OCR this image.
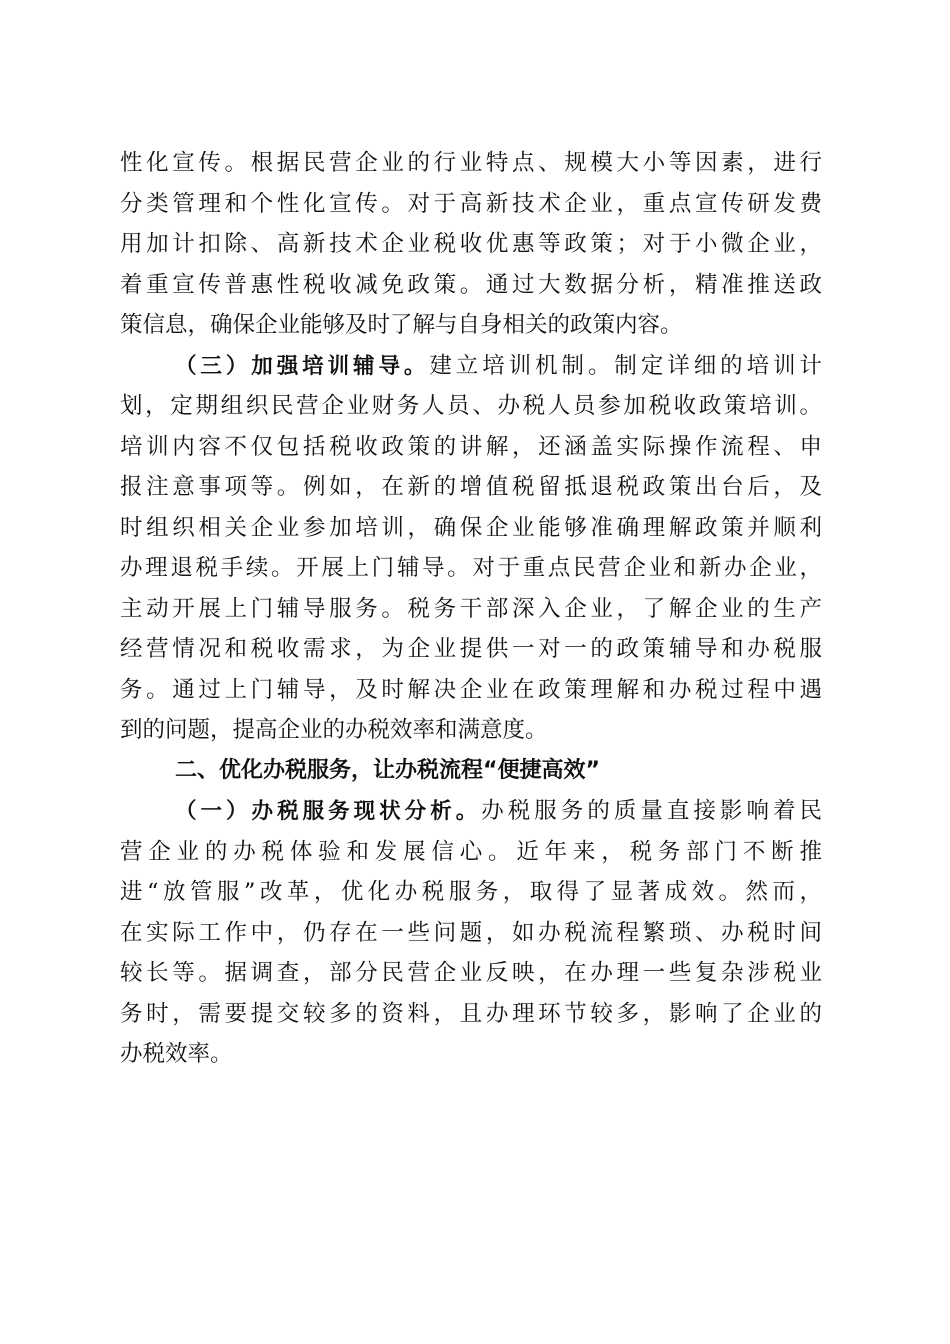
性化宣传。根据民营企业的行业特点、规模大小等因素，进行
分类管理和个性化宣传。对于高新技术企业，重点宣传研发费
用加计扣除、高新技术企业税收优惠等政策；对于小微企业，
着重宣传普惠性税收减免政策。通过大数据分析，精准推送政
策信息，确保企业能够及时了解与自身相关的政策内容。
（三）加强培训辅导。建立培训机制。制定详细的培训计
划，定期组织民营企业财务人员、办税人员参加税收政策培训。
培训内容不仅包括税收政策的讲解，还涵盖实际操作流程、申
报注意事项等。例如，在新的增值税留抵退税政策出台后，及
时组织相关企业参加培训，确保企业能够准确理解政策并顺利
办理退税手续。开展上门辅导。对于重点民营企业和新办企业，
主动开展上门辅导服务。税务干部深入企业，了解企业的生产
经营情况和税收需求，为企业提供一对一的政策辅导和办税服
务。通过上门辅导，及时解决企业在政策理解和办税过程中遇
到的问题，提高企业的办税效率和满意度。
二、优化办税服务，让办税流程“便捷高效”
（一）办税服务现状分析。办税服务的质量直接影响着民
营企业的办税体验和发展信心。近年来，税务部门不断推
进“放管服”改革，优化办税服务，取得了显著成效。然而，
在实际工作中，仍存在一些问题，如办税流程繁琐、办税时间
较长等。据调查，部分民营企业反映，在办理一些复杂涉税业
务时，需要提交较多的资料，且办理环节较多，影响了企业的
办税效率。
